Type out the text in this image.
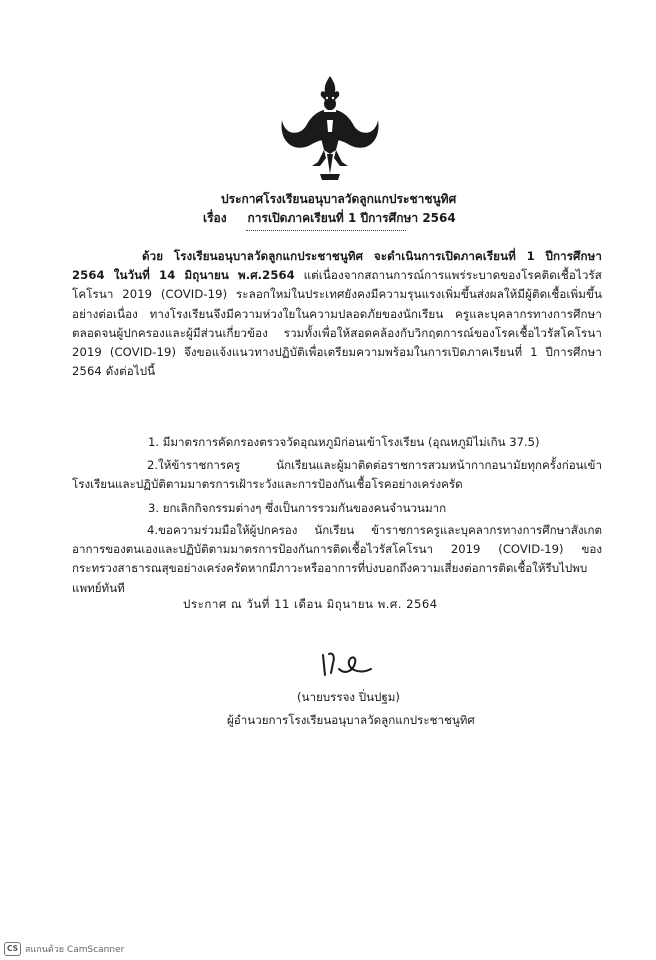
ประกาศโรงเรียนอนุบาลวัดลูกแกประชาชนูทิศ
เรื่อง การเปิดภาคเรียนที่ 1 ปีการศึกษา 2564
ด้วย โรงเรียนอนุบาลวัดลูกแกประชาชนูทิศ จะดำเนินการเปิดภาคเรียนที่ 1 ปีการศึกษา 2564 ในวันที่ 14 มิถุนายน พ.ศ.2564 แต่เนื่องจากสถานการณ์การแพร่ระบาดของโรคติดเชื้อไวรัสโคโรนา 2019 (COVID-19) ระลอกใหม่ในประเทศยังคงมีความรุนแรงเพิ่มขึ้นส่งผลให้มีผู้ติดเชื้อเพิ่มขึ้นอย่างต่อเนื่อง ทางโรงเรียนจึงมีความห่วงใยในความปลอดภัยของนักเรียน ครูและบุคลากรทางการศึกษา ตลอดจนผู้ปกครองและผู้มีส่วนเกี่ยวข้อง รวมทั้งเพื่อให้สอดคล้องกับวิกฤตการณ์ของโรคเชื้อไวรัสโคโรนา 2019 (COVID-19) จึงขอแจ้งแนวทางปฏิบัติเพื่อเตรียมความพร้อมในการเปิดภาคเรียนที่ 1 ปีการศึกษา 2564 ดังต่อไปนี้
1. มีมาตรการคัดกรองตรวจวัดอุณหภูมิก่อนเข้าโรงเรียน (อุณหภูมิไม่เกิน 37.5)
2.ให้ข้าราชการครู นักเรียนและผู้มาติดต่อราชการสวมหน้ากากอนามัยทุกครั้งก่อนเข้าโรงเรียนและปฏิบัติตามมาตรการเฝ้าระวังและการป้องกันเชื้อโรคอย่างเคร่งครัด
3. ยกเลิกกิจกรรมต่างๆ ซึ่งเป็นการรวมกันของคนจำนวนมาก
4.ขอความร่วมมือให้ผู้ปกครอง นักเรียน ข้าราชการครูและบุคลากรทางการศึกษาสังเกตอาการของตนเองและปฏิบัติตามมาตรการป้องกันการติดเชื้อไวรัสโคโรนา 2019 (COVID-19) ของกระทรวงสาธารณสุขอย่างเคร่งครัดหากมีภาวะหรืออาการที่บ่งบอกถึงความเสี่ยงต่อการติดเชื้อให้รีบไปพบแพทย์ทันที
ประกาศ ณ วันที่ 11 เดือน มิถุนายน พ.ศ. 2564
(นายบรรจง ปิ่นปฐม)
ผู้อำนวยการโรงเรียนอนุบาลวัดลูกแกประชาชนูทิศ
CS สแกนด้วย CamScanner
